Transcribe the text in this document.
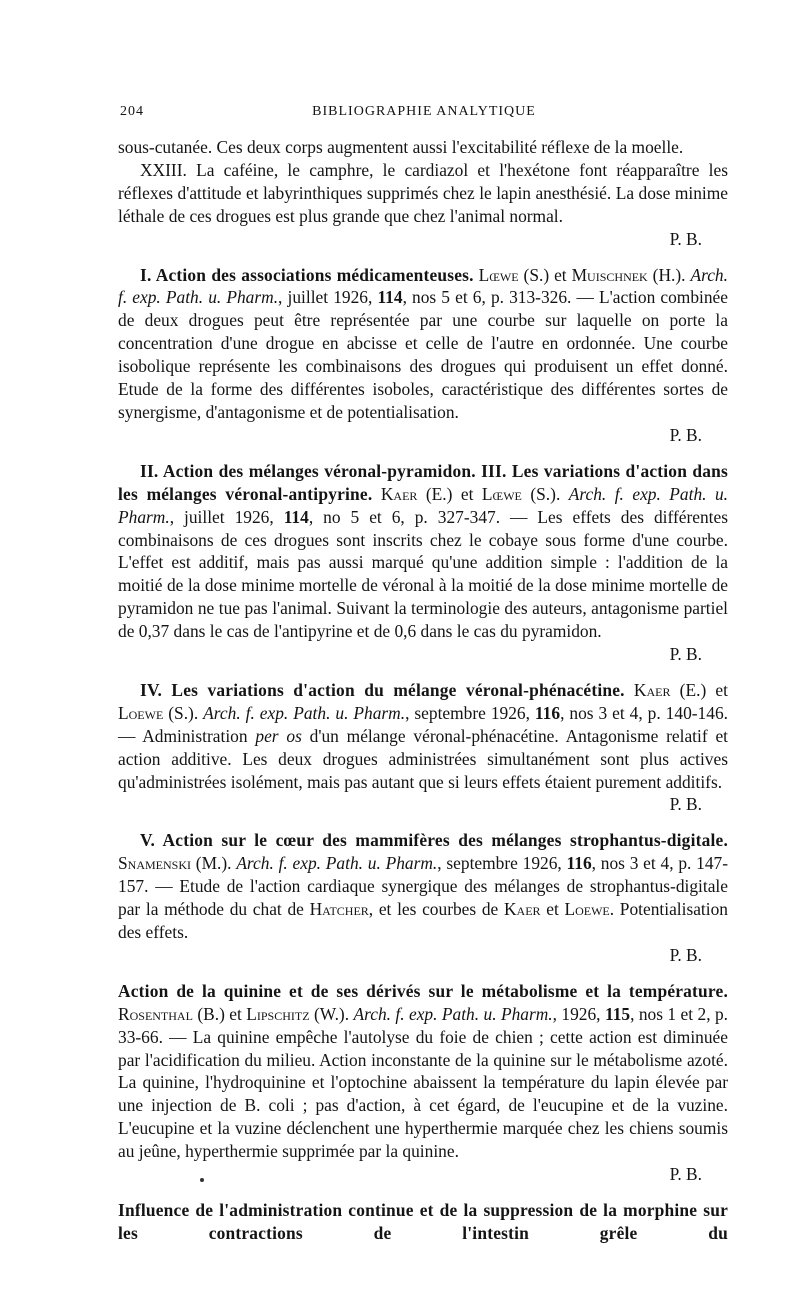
204	BIBLIOGRAPHIE ANALYTIQUE

sous-cutanée. Ces deux corps augmentent aussi l'excitabilité réflexe de la moelle.

XXIII. La caféine, le camphre, le cardiazol et l'hexétone font réapparaître les réflexes d'attitude et labyrinthiques supprimés chez le lapin anesthésié. La dose minime léthale de ces drogues est plus grande que chez l'animal normal.

P. B.

I. Action des associations médicamenteuses. Lœwe (S.) et Muischnek (H.). Arch. f. exp. Path. u. Pharm., juillet 1926, 114, nos 5 et 6, p. 313-326. — L'action combinée de deux drogues peut être représentée par une courbe sur laquelle on porte la concentration d'une drogue en abcisse et celle de l'autre en ordonnée. Une courbe isobolique représente les combinaisons des drogues qui produisent un effet donné. Etude de la forme des différentes isoboles, caractéristique des différentes sortes de synergisme, d'antagonisme et de potentialisation.

P. B.

II. Action des mélanges véronal-pyramidon. III. Les variations d'action dans les mélanges véronal-antipyrine. Kaer (E.) et Lœwe (S.). Arch. f. exp. Path. u. Pharm., juillet 1926, 114, no 5 et 6, p. 327-347. — Les effets des différentes combinaisons de ces drogues sont inscrits chez le cobaye sous forme d'une courbe. L'effet est additif, mais pas aussi marqué qu'une addition simple : l'addition de la moitié de la dose minime mortelle de véronal à la moitié de la dose minime mortelle de pyramidon ne tue pas l'animal. Suivant la terminologie des auteurs, antagonisme partiel de 0,37 dans le cas de l'antipyrine et de 0,6 dans le cas du pyramidon.

P. B.

IV. Les variations d'action du mélange véronal-phénacétine. Kaer (E.) et Loewe (S.). Arch. f. exp. Path. u. Pharm., septembre 1926, 116, nos 3 et 4, p. 140-146. — Administration per os d'un mélange véronal-phénacétine. Antagonisme relatif et action additive. Les deux drogues administrées simultanément sont plus actives qu'administrées isolément, mais pas autant que si leurs effets étaient purement additifs.

P. B.

V. Action sur le cœur des mammifères des mélanges strophantus-digitale. Snamenski (M.). Arch. f. exp. Path. u. Pharm., septembre 1926, 116, nos 3 et 4, p. 147-157. — Etude de l'action cardiaque synergique des mélanges de strophantus-digitale par la méthode du chat de Hatcher, et les courbes de Kaer et Loewe. Potentialisation des effets.

P. B.

Action de la quinine et de ses dérivés sur le métabolisme et la température. Rosenthal (B.) et Lipschitz (W.). Arch. f. exp. Path. u. Pharm., 1926, 115, nos 1 et 2, p. 33-66. — La quinine empêche l'autolyse du foie de chien ; cette action est diminuée par l'acidification du milieu. Action inconstante de la quinine sur le métabolisme azoté. La quinine, l'hydroquinine et l'optochine abaissent la température du lapin élevée par une injection de B. coli ; pas d'action, à cet égard, de l'eucupine et de la vuzine. L'eucupine et la vuzine déclenchent une hyperthermie marquée chez les chiens soumis au jeûne, hyperthermie supprimée par la quinine.

P. B.

Influence de l'administration continue et de la suppression de la morphine sur les contractions de l'intestin grêle du
